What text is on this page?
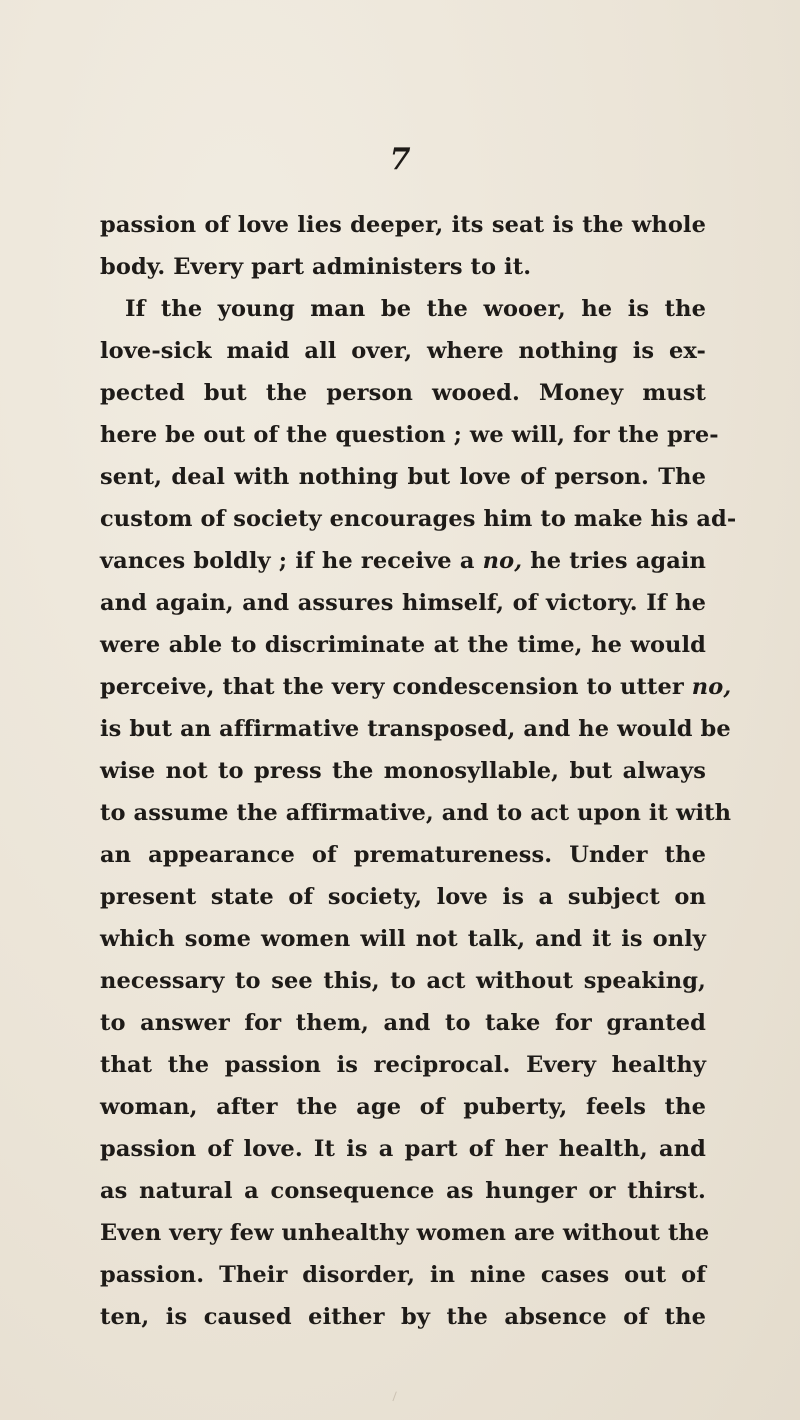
7
passion of love lies deeper, its seat is the whole
body. Every part administers to it.
If the young man be the wooer, he is the
love-sick maid all over, where nothing is ex-
pected but the person wooed. Money must
here be out of the question ; we will, for the pre-
sent, deal with nothing but love of person. The
custom of society encourages him to make his ad-
vances boldly ; if he receive a no, he tries again
and again, and assures himself, of victory. If he
were able to discriminate at the time, he would
perceive, that the very condescension to utter no,
is but an affirmative transposed, and he would be
wise not to press the monosyllable, but always
to assume the affirmative, and to act upon it with
an appearance of prematureness. Under the
present state of society, love is a subject on
which some women will not talk, and it is only
necessary to see this, to act without speaking,
to answer for them, and to take for granted
that the passion is reciprocal. Every healthy
woman, after the age of puberty, feels the
passion of love. It is a part of her health, and
as natural a consequence as hunger or thirst.
Even very few unhealthy women are without the
passion. Their disorder, in nine cases out of
ten, is caused either by the absence of the
